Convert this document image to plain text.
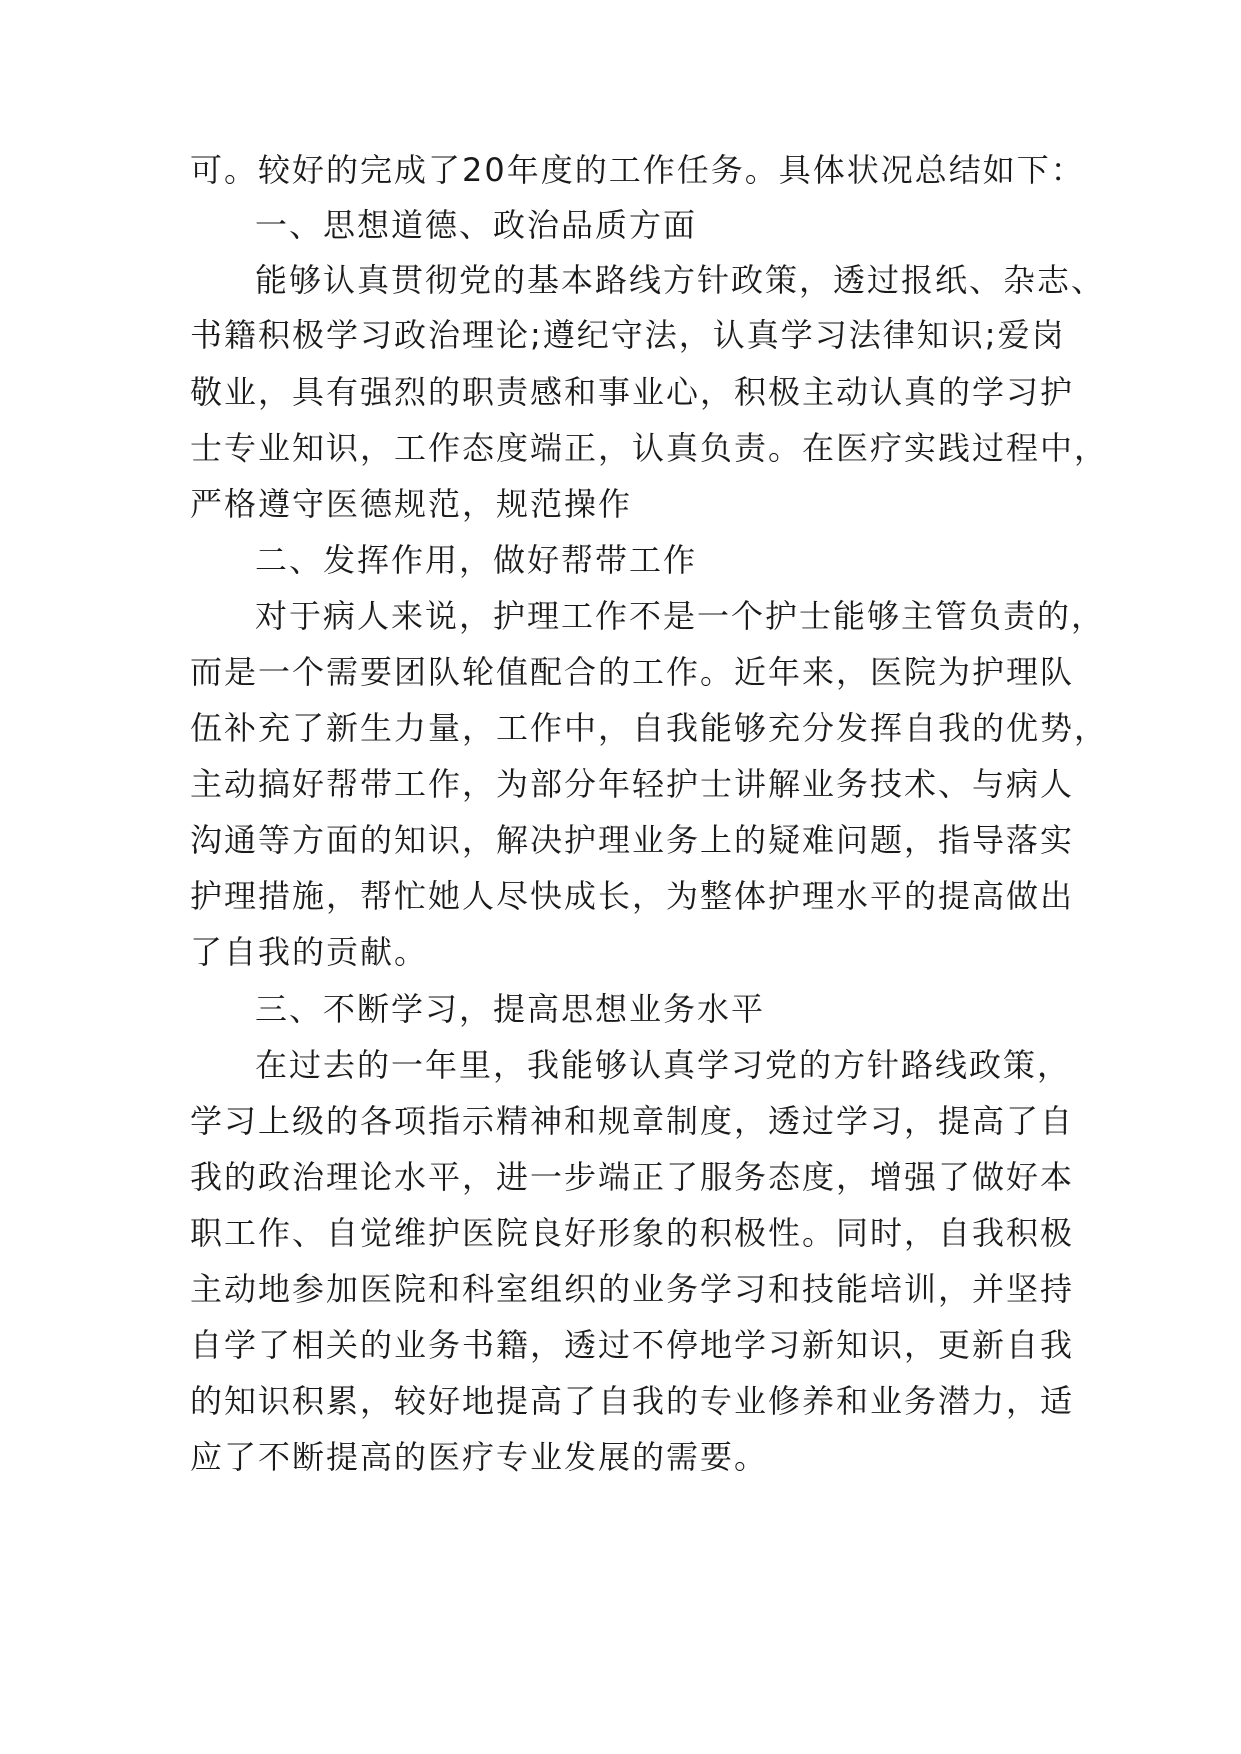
可。较好的完成了20年度的工作任务。具体状况总结如下：
一、思想道德、政治品质方面
能够认真贯彻党的基本路线方针政策，透过报纸、杂志、
书籍积极学习政治理论;遵纪守法，认真学习法律知识;爱岗
敬业，具有强烈的职责感和事业心，积极主动认真的学习护
士专业知识，工作态度端正，认真负责。在医疗实践过程中，
严格遵守医德规范，规范操作
二、发挥作用，做好帮带工作
对于病人来说，护理工作不是一个护士能够主管负责的，
而是一个需要团队轮值配合的工作。近年来，医院为护理队
伍补充了新生力量，工作中，自我能够充分发挥自我的优势，
主动搞好帮带工作，为部分年轻护士讲解业务技术、与病人
沟通等方面的知识，解决护理业务上的疑难问题，指导落实
护理措施，帮忙她人尽快成长，为整体护理水平的提高做出
了自我的贡献。
三、不断学习，提高思想业务水平
在过去的一年里，我能够认真学习党的方针路线政策，
学习上级的各项指示精神和规章制度，透过学习，提高了自
我的政治理论水平，进一步端正了服务态度，增强了做好本
职工作、自觉维护医院良好形象的积极性。同时，自我积极
主动地参加医院和科室组织的业务学习和技能培训，并坚持
自学了相关的业务书籍，透过不停地学习新知识，更新自我
的知识积累，较好地提高了自我的专业修养和业务潜力，适
应了不断提高的医疗专业发展的需要。
